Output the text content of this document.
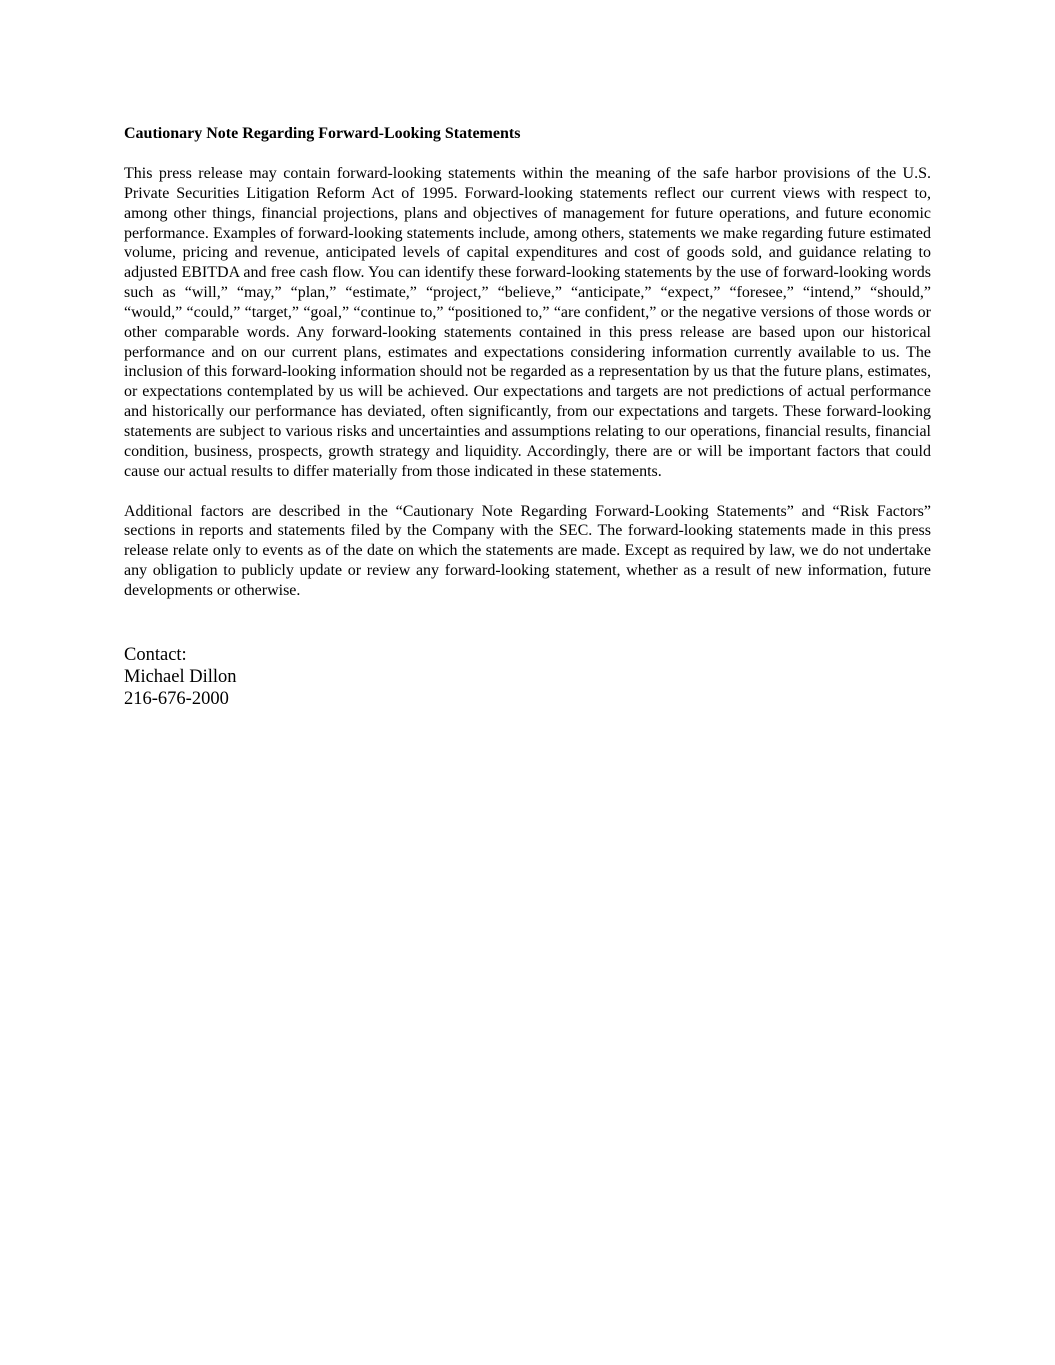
Cautionary Note Regarding Forward-Looking Statements

This press release may contain forward-looking statements within the meaning of the safe harbor provisions of the U.S. Private Securities Litigation Reform Act of 1995. Forward-looking statements reflect our current views with respect to, among other things, financial projections, plans and objectives of management for future operations, and future economic performance. Examples of forward-looking statements include, among others, statements we make regarding future estimated volume, pricing and revenue, anticipated levels of capital expenditures and cost of goods sold, and guidance relating to adjusted EBITDA and free cash flow. You can identify these forward-looking statements by the use of forward-looking words such as “will,” “may,” “plan,” “estimate,” “project,” “believe,” “anticipate,” “expect,” “foresee,” “intend,” “should,” “would,” “could,” “target,” “goal,” “continue to,” “positioned to,” “are confident,” or the negative versions of those words or other comparable words. Any forward-looking statements contained in this press release are based upon our historical performance and on our current plans, estimates and expectations considering information currently available to us. The inclusion of this forward-looking information should not be regarded as a representation by us that the future plans, estimates, or expectations contemplated by us will be achieved. Our expectations and targets are not predictions of actual performance and historically our performance has deviated, often significantly, from our expectations and targets. These forward-looking statements are subject to various risks and uncertainties and assumptions relating to our operations, financial results, financial condition, business, prospects, growth strategy and liquidity. Accordingly, there are or will be important factors that could cause our actual results to differ materially from those indicated in these statements.

Additional factors are described in the “Cautionary Note Regarding Forward-Looking Statements” and “Risk Factors” sections in reports and statements filed by the Company with the SEC. The forward-looking statements made in this press release relate only to events as of the date on which the statements are made. Except as required by law, we do not undertake any obligation to publicly update or review any forward-looking statement, whether as a result of new information, future developments or otherwise.

Contact:
Michael Dillon
216-676-2000
